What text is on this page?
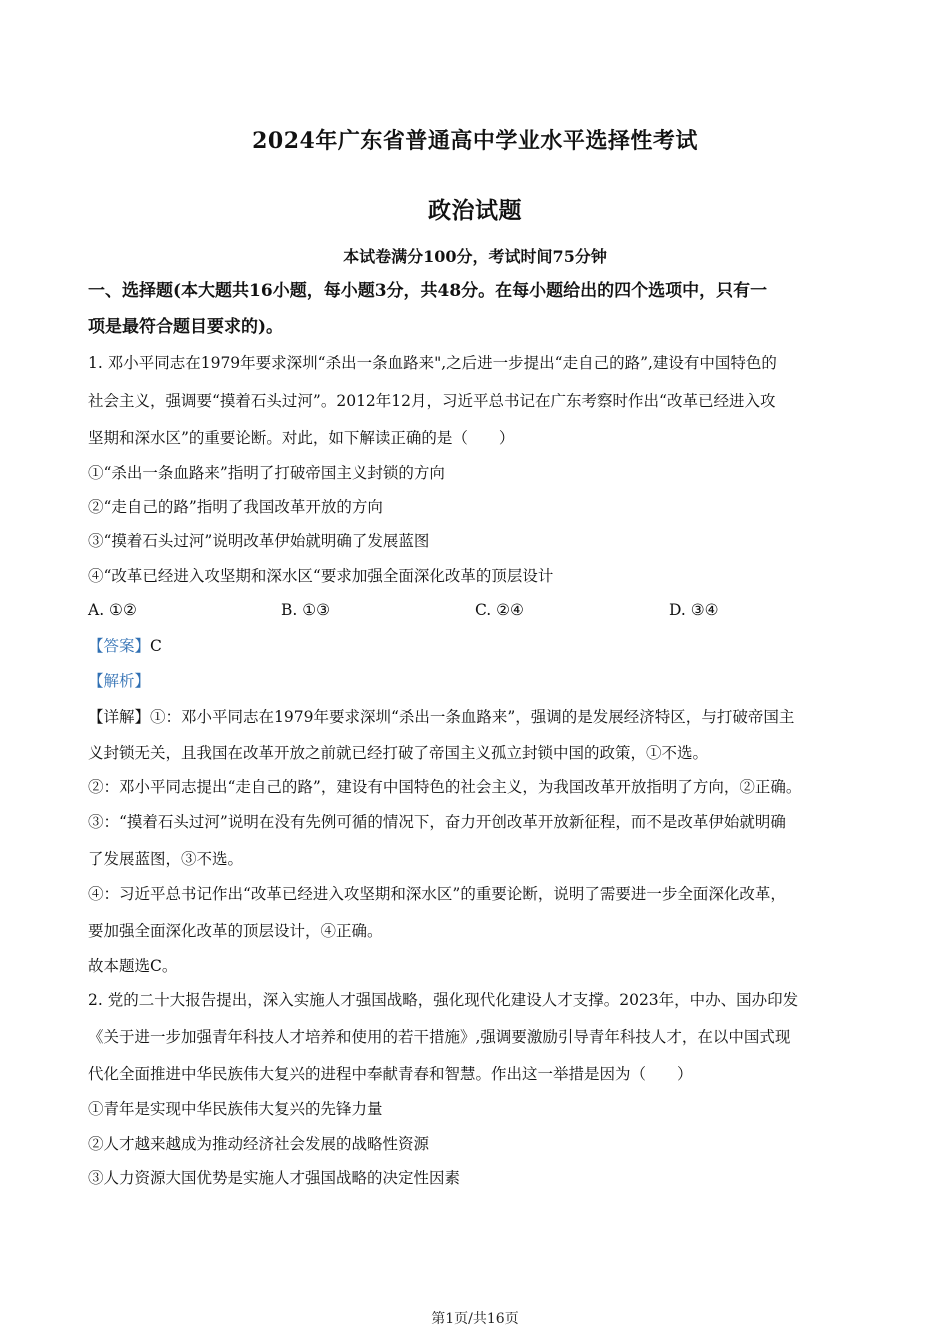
2024年广东省普通高中学业水平选择性考试
政治试题
本试卷满分100分，考试时间75分钟
一、选择题(本大题共16小题，每小题3分，共48分。在每小题给出的四个选项中，只有一
项是最符合题目要求的)。
1. 邓小平同志在1979年要求深圳“杀出一条血路来",之后进一步提出“走自己的路”,建设有中国特色的
社会主义，强调要“摸着石头过河”。2012年12月，习近平总书记在广东考察时作出“改革已经进入攻
坚期和深水区”的重要论断。对此，如下解读正确的是（　　）
①“杀出一条血路来”指明了打破帝国主义封锁的方向
②“走自己的路”指明了我国改革开放的方向
③“摸着石头过河”说明改革伊始就明确了发展蓝图
④“改革已经进入攻坚期和深水区“要求加强全面深化改革的顶层设计
A. ①②	B. ①③	C. ②④	D. ③④
【答案】C
【解析】
【详解】①：邓小平同志在1979年要求深圳“杀出一条血路来”，强调的是发展经济特区，与打破帝国主
义封锁无关，且我国在改革开放之前就已经打破了帝国主义孤立封锁中国的政策，①不选。
②：邓小平同志提出“走自己的路”，建设有中国特色的社会主义，为我国改革开放指明了方向，②正确。
③：“摸着石头过河”说明在没有先例可循的情况下，奋力开创改革开放新征程，而不是改革伊始就明确
了发展蓝图，③不选。
④：习近平总书记作出“改革已经进入攻坚期和深水区”的重要论断，说明了需要进一步全面深化改革，
要加强全面深化改革的顶层设计，④正确。
故本题选C。
2. 党的二十大报告提出，深入实施人才强国战略，强化现代化建设人才支撑。2023年，中办、国办印发
《关于进一步加强青年科技人才培养和使用的若干措施》,强调要激励引导青年科技人才，在以中国式现
代化全面推进中华民族伟大复兴的进程中奉献青春和智慧。作出这一举措是因为（　　）
①青年是实现中华民族伟大复兴的先锋力量
②人才越来越成为推动经济社会发展的战略性资源
③人力资源大国优势是实施人才强国战略的决定性因素
第1页/共16页
